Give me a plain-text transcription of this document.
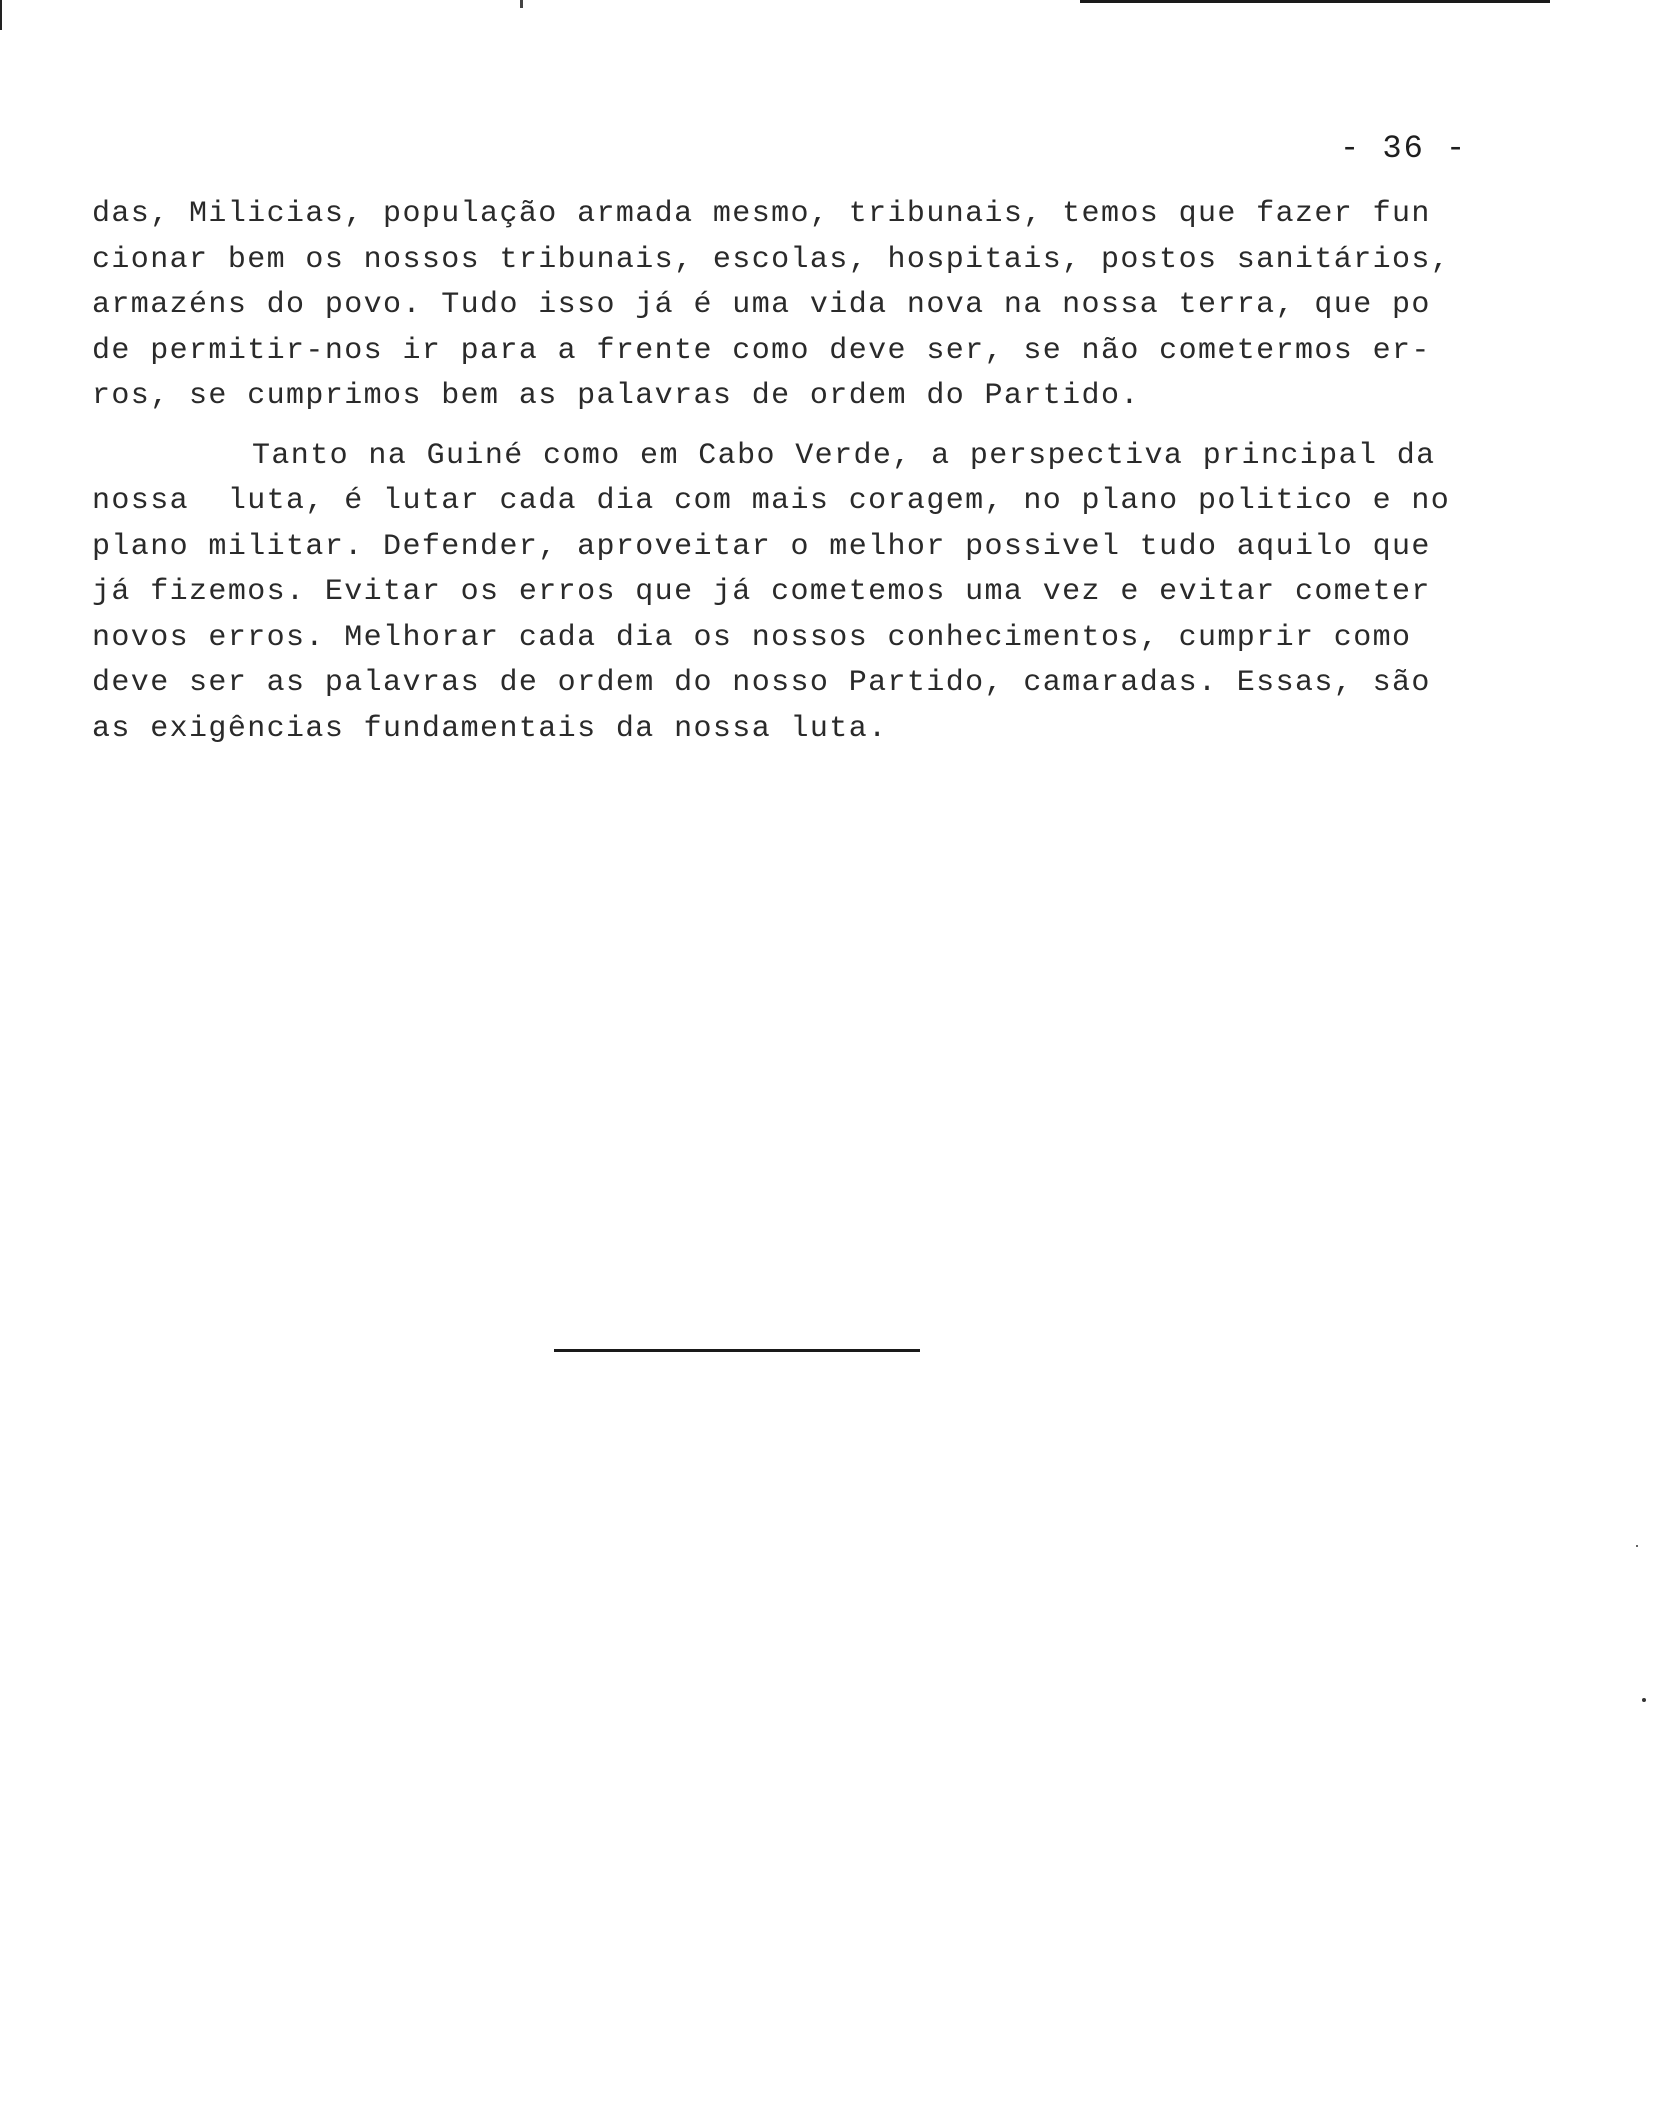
- 36 -
das, Milicias, população armada mesmo, tribunais, temos que fazer fun
cionar bem os nossos tribunais, escolas, hospitais, postos sanitários,
armazéns do povo. Tudo isso já é uma vida nova na nossa terra, que po
de permitir-nos ir para a frente como deve ser, se não cometermos er-
ros, se cumprimos bem as palavras de ordem do Partido.
Tanto na Guiné como em Cabo Verde, a perspectiva principal da
nossa  luta, é lutar cada dia com mais coragem, no plano politico e no
plano militar. Defender, aproveitar o melhor possivel tudo aquilo que
já fizemos. Evitar os erros que já cometemos uma vez e evitar cometer
novos erros. Melhorar cada dia os nossos conhecimentos, cumprir como
deve ser as palavras de ordem do nosso Partido, camaradas. Essas, são
as exigências fundamentais da nossa luta.
